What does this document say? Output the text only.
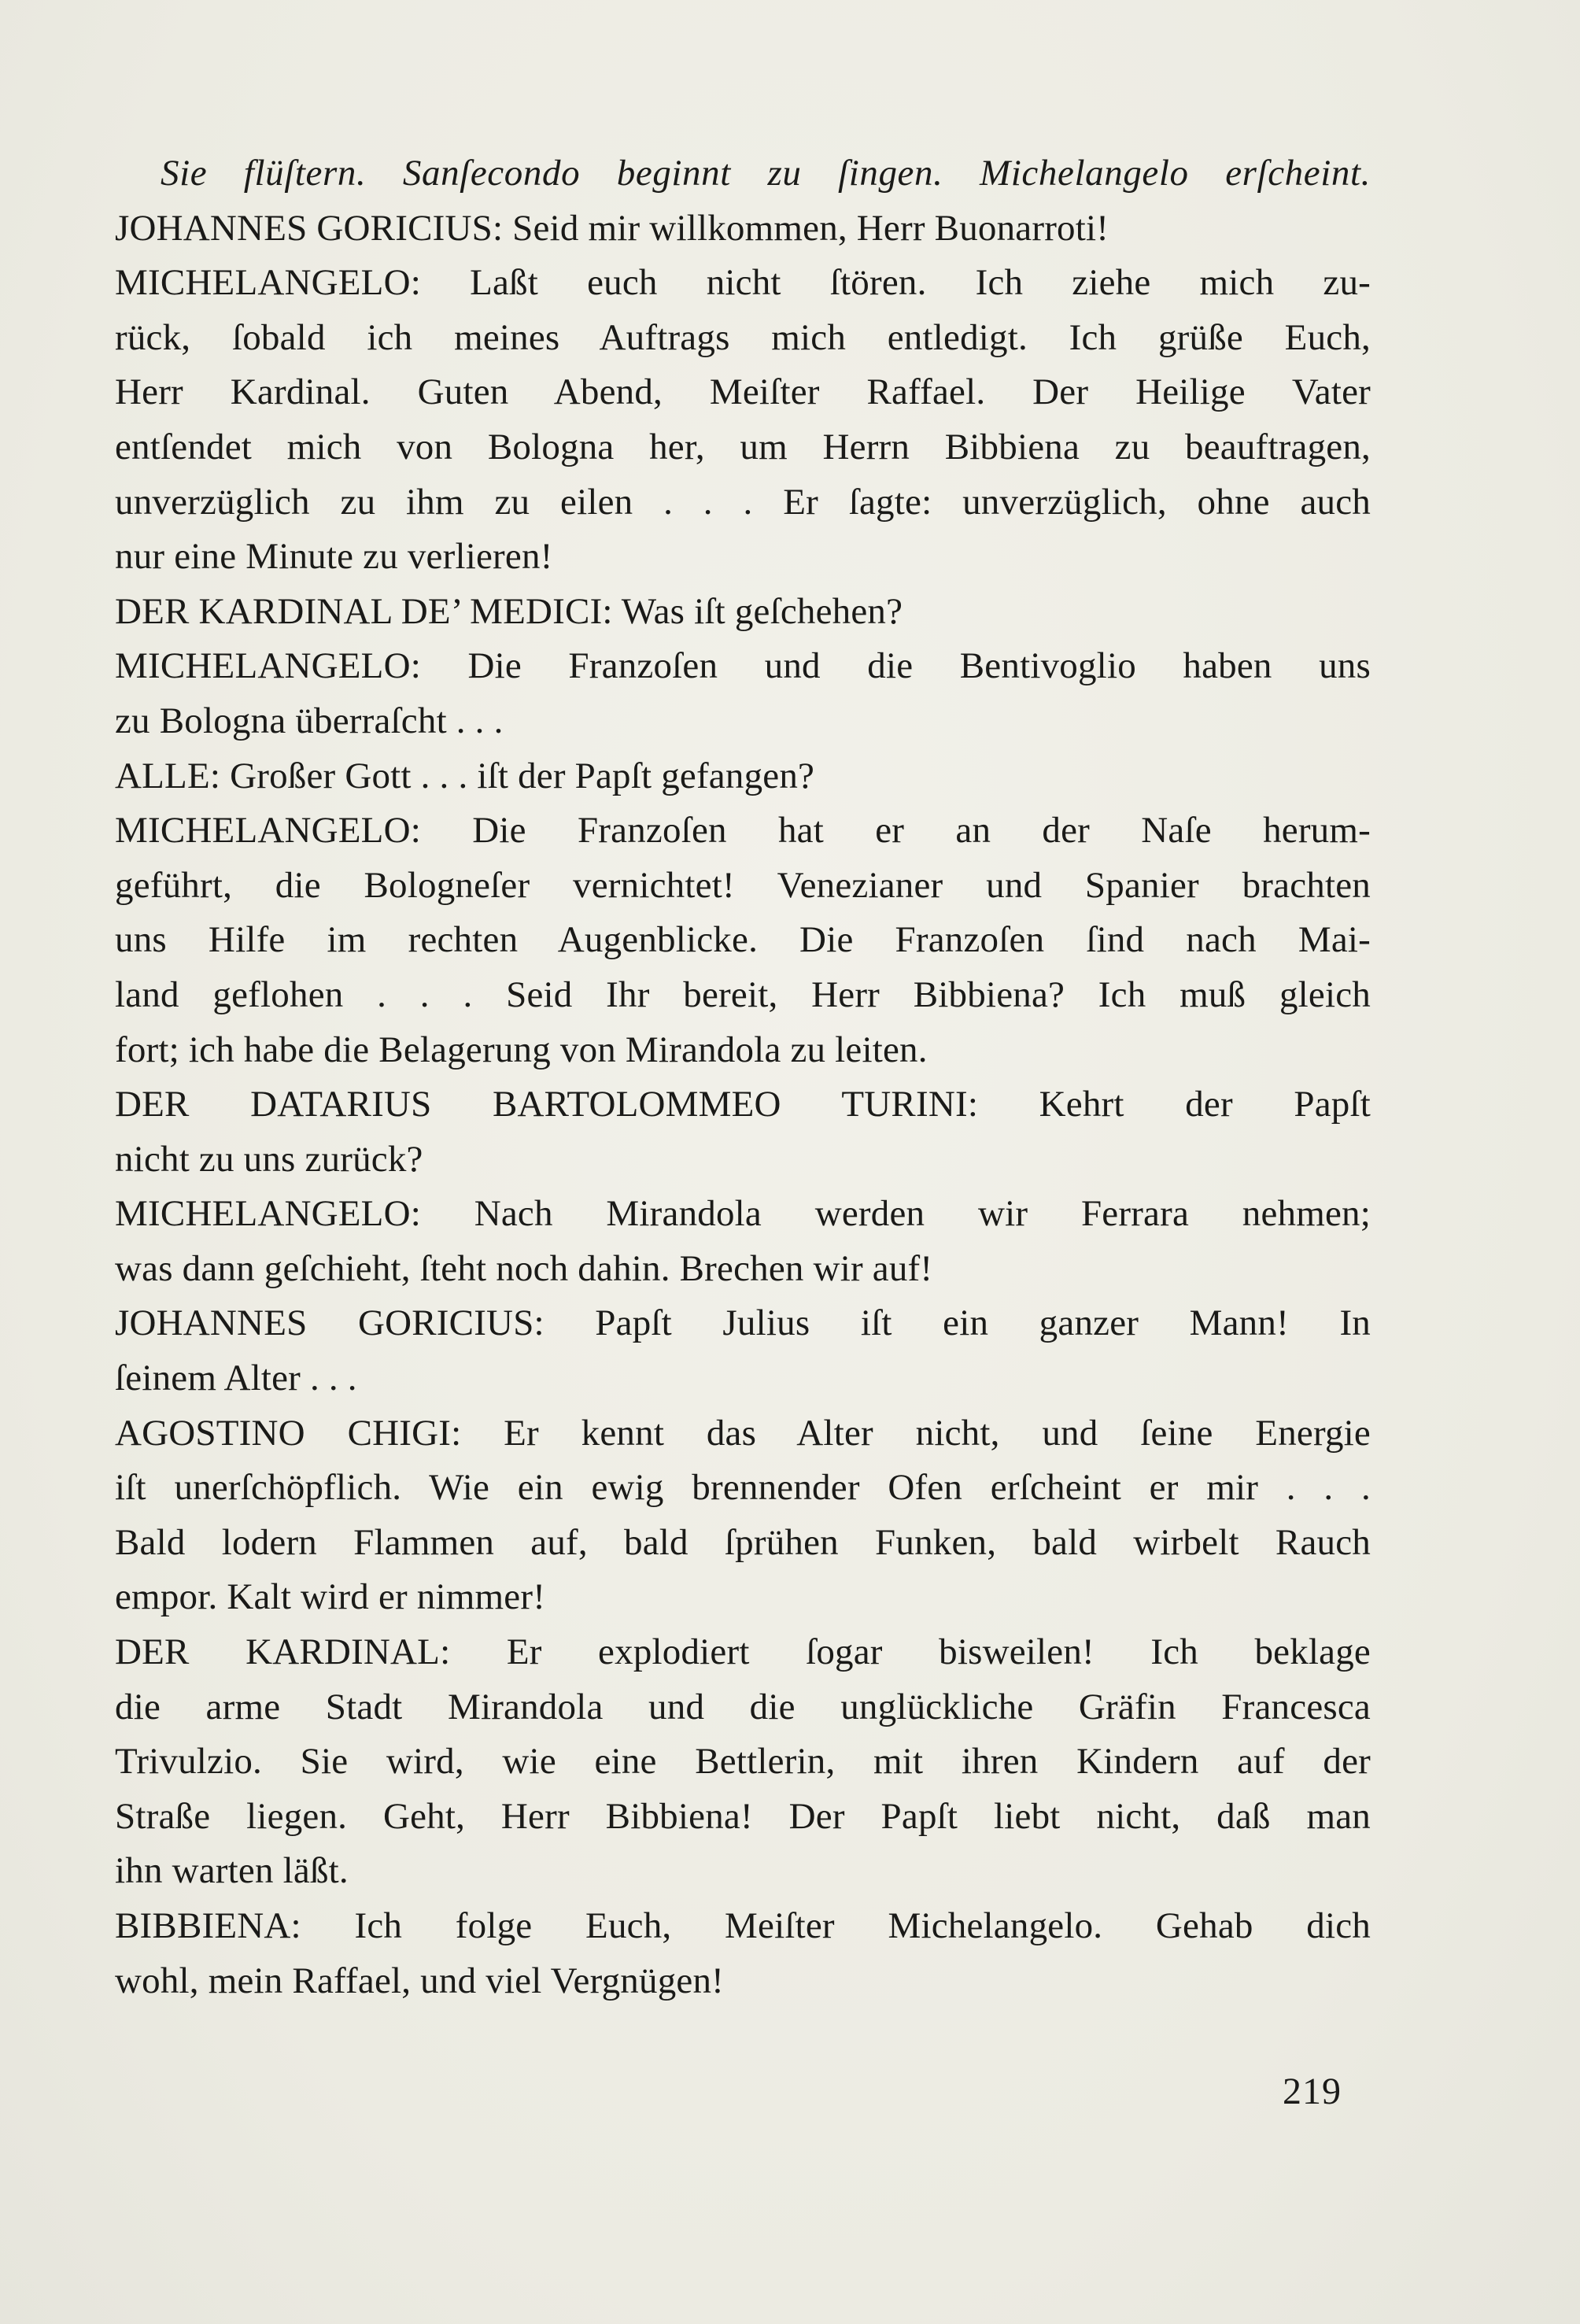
Sie flüſtern. Sanſecondo beginnt zu ſingen. Michelangelo erſcheint.
JOHANNES GORICIUS: Seid mir willkommen, Herr Buonarroti!
MICHELANGELO: Laßt euch nicht ſtören. Ich ziehe mich zu-
rück, ſobald ich meines Auftrags mich entledigt. Ich grüße Euch,
Herr Kardinal. Guten Abend, Meiſter Raffael. Der Heilige Vater
entſendet mich von Bologna her, um Herrn Bibbiena zu beauftragen,
unverzüglich zu ihm zu eilen . . . Er ſagte: unverzüglich, ohne auch
nur eine Minute zu verlieren!
DER KARDINAL DE’ MEDICI: Was iſt geſchehen?
MICHELANGELO: Die Franzoſen und die Bentivoglio haben uns
zu Bologna überraſcht . . .
ALLE: Großer Gott . . . iſt der Papſt gefangen?
MICHELANGELO: Die Franzoſen hat er an der Naſe herum-
geführt, die Bologneſer vernichtet! Venezianer und Spanier brachten
uns Hilfe im rechten Augenblicke. Die Franzoſen ſind nach Mai-
land geflohen . . . Seid Ihr bereit, Herr Bibbiena? Ich muß gleich
fort; ich habe die Belagerung von Mirandola zu leiten.
DER DATARIUS BARTOLOMMEO TURINI: Kehrt der Papſt
nicht zu uns zurück?
MICHELANGELO: Nach Mirandola werden wir Ferrara nehmen;
was dann geſchieht, ſteht noch dahin. Brechen wir auf!
JOHANNES GORICIUS: Papſt Julius iſt ein ganzer Mann! In
ſeinem Alter . . .
AGOSTINO CHIGI: Er kennt das Alter nicht, und ſeine Energie
iſt unerſchöpflich. Wie ein ewig brennender Ofen erſcheint er mir . . .
Bald lodern Flammen auf, bald ſprühen Funken, bald wirbelt Rauch
empor. Kalt wird er nimmer!
DER KARDINAL: Er explodiert ſogar bisweilen! Ich beklage
die arme Stadt Mirandola und die unglückliche Gräfin Francesca
Trivulzio. Sie wird, wie eine Bettlerin, mit ihren Kindern auf der
Straße liegen. Geht, Herr Bibbiena! Der Papſt liebt nicht, daß man
ihn warten läßt.
BIBBIENA: Ich folge Euch, Meiſter Michelangelo. Gehab dich
wohl, mein Raffael, und viel Vergnügen!
219
